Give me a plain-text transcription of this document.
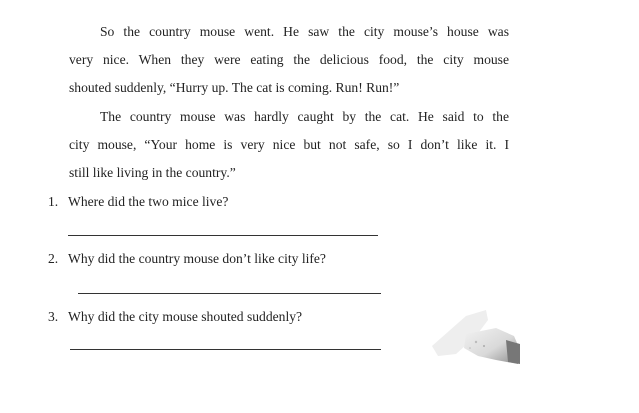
So the country mouse went. He saw the city mouse’s house was
very nice. When they were eating the delicious food, the city mouse
shouted suddenly, “Hurry up. The cat is coming. Run! Run!”
The country mouse was hardly caught by the cat. He said to the
city mouse, “Your home is very nice but not safe, so I don’t like it. I
still like living in the country.”
1. Where did the two mice live?
2. Why did the country mouse don’t like city life?
3. Why did the city mouse shouted suddenly?
